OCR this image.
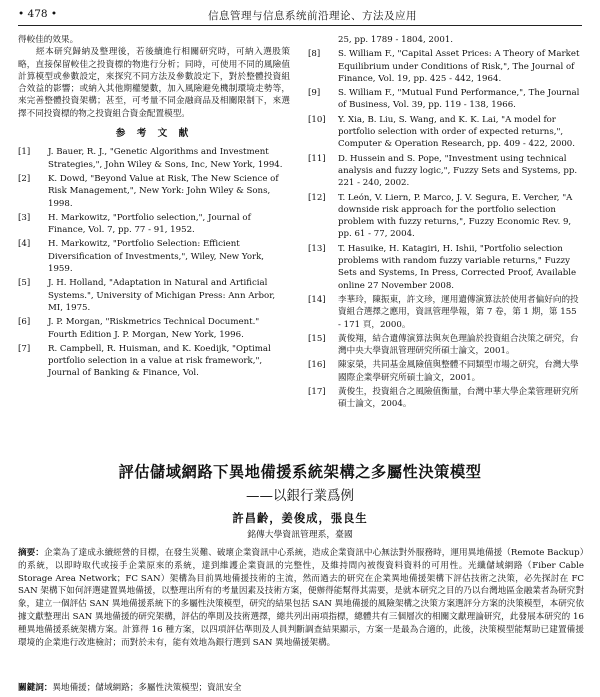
• 478 •	信息管理与信息系统前沿理论、方法及应用

得較佳的效果。

經本研究歸納及整理後，若後續進行相關研究時，可納入選股策略，直接保留較佳之投資標的物進行分析；同時，可使用不同的風險值計算模型或參數設定，來探究不同方法及參數設定下，對於整體投資組合效益的影響；或納入其他期權變數，加入風險避免機制環境走勢等，來完善整體投資架構；甚至，可考量不同金融商品及相關限制下，來選擇不同投資標的物之投資組合資金配置模型。

参 考 文 献
[1]	J. Bauer, R. J., "Genetic Algorithms and Investment Strategies,", John Wiley & Sons, Inc, New York, 1994.
[2]	K. Dowd, "Beyond Value at Risk, The New Science of Risk Management,", New York: John Wiley & Sons, 1998.
[3]	H. Markowitz, "Portfolio selection,", Journal of Finance, Vol. 7, pp. 77 - 91, 1952.
[4]	H. Markowitz, "Portfolio Selection: Efficient Diversification of Investments,", Wiley, New York, 1959.
[5]	J. H. Holland, "Adaptation in Natural and Artificial Systems.", University of Michigan Press: Ann Arbor, MI, 1975.
[6]	J. P. Morgan, "Riskmetrics Technical Document." Fourth Edition J. P. Morgan, New York, 1996.
[7]	R. Campbell, R. Huisman, and K. Koedijk, "Optimal portfolio selection in a value at risk framework,", Journal of Banking & Finance, Vol.
25, pp. 1789 - 1804, 2001.
[8]	S. William F., "Capital Asset Prices: A Theory of Market Equilibrium under Conditions of Risk,", The Journal of Finance, Vol. 19, pp. 425 - 442, 1964.
[9]	S. William F., "Mutual Fund Performance,", The Journal of Business, Vol. 39, pp. 119 - 138, 1966.
[10]	Y. Xia, B. Liu, S. Wang, and K. K. Lai, "A model for portfolio selection with order of expected returns,", Computer & Operation Research, pp. 409 - 422, 2000.
[11]	D. Hussein and S. Pope, "Investment using technical analysis and fuzzy logic,", Fuzzy Sets and Systems, pp. 221 - 240, 2002.
[12]	T. León, V. Liern, P. Marco, J. V. Segura, E. Vercher, "A downside risk approach for the portfolio selection problem with fuzzy returns,", Fuzzy Economic Rev. 9, pp. 61 - 77, 2004.
[13]	T. Hasuike, H. Katagiri, H. Ishii, "Portfolio selection problems with random fuzzy variable returns," Fuzzy Sets and Systems, In Press, Corrected Proof, Available online 27 November 2008.
[14]	李華玲，陳振東，許文珍，運用遺傳演算法於使用者偏好向的投資組合選擇之應用，資訊管理學報，第 7 卷，第 1 期，第 155 - 171 頁，2000。
[15]	黃俊翔，結合遺傳演算法與灰色理論於投資組合決策之研究，台灣中央大學資訊管理研究所碩士論文，2001。
[16]	陳家榮，共同基金風險值與整體不同類型市場之研究，台灣大學國際企業學研究所碩士論文，2001。
[17]	黃俊生，投資組合之風險值衡量，台灣中華大學企業管理研究所碩士論文，2004。
評估儲域網路下異地備援系統架構之多屬性決策模型
——以銀行業爲例
許昌齡，姜俊成，張良生
銘傳大學資訊管理系，臺國
摘要：企業為了達成永續經營的目標，在發生災難、破壞企業資訊中心系統，造成企業資訊中心無法對外服務時，運用異地備援（Remote Backup）的系統，以即時取代或接手企業原來的系統，達到維護企業資訊的完整性，及維持間內被復資料資料的可用性。光纖儲域網路（Fiber Cable Storage Area Network；FC SAN）架構為目前異地備援技術的主流，然而過去的研究在企業異地備援架構下評估技術之決策，必先探討在 FC SAN 架構下如何評選建置異地備援，以整理出所有的考量因素及技術方案，便辦得能幫得其需要，是就本研究之目的乃以台灣地區金融業者為研究對象，建立一個評估 SAN 異地備援系統下的多屬性決策模型，研究的結果包括 SAN 異地備援的風險架構之決策方案選評分方案的決策模型，本研究依據文獻整理出 SAN 異地備援的研究架構，評估的準則及技術選擇，總共列出兩項指標，總體共有三個層次的相關文獻理論研究，此發展本研究的 16 種異地備援系統架構方案。計算得 16 種方案，以四項評估準則及人員判斷調查結果顯示，方案一是最為合適的，此後，決策模型能幫助已建置備援環境的企業進行改進檢討；而對於未有，能有效地為銀行選到 SAN 異地備援架構。
關鍵詞：異地備援；儲域網路；多屬性決策模型；資訊安全
